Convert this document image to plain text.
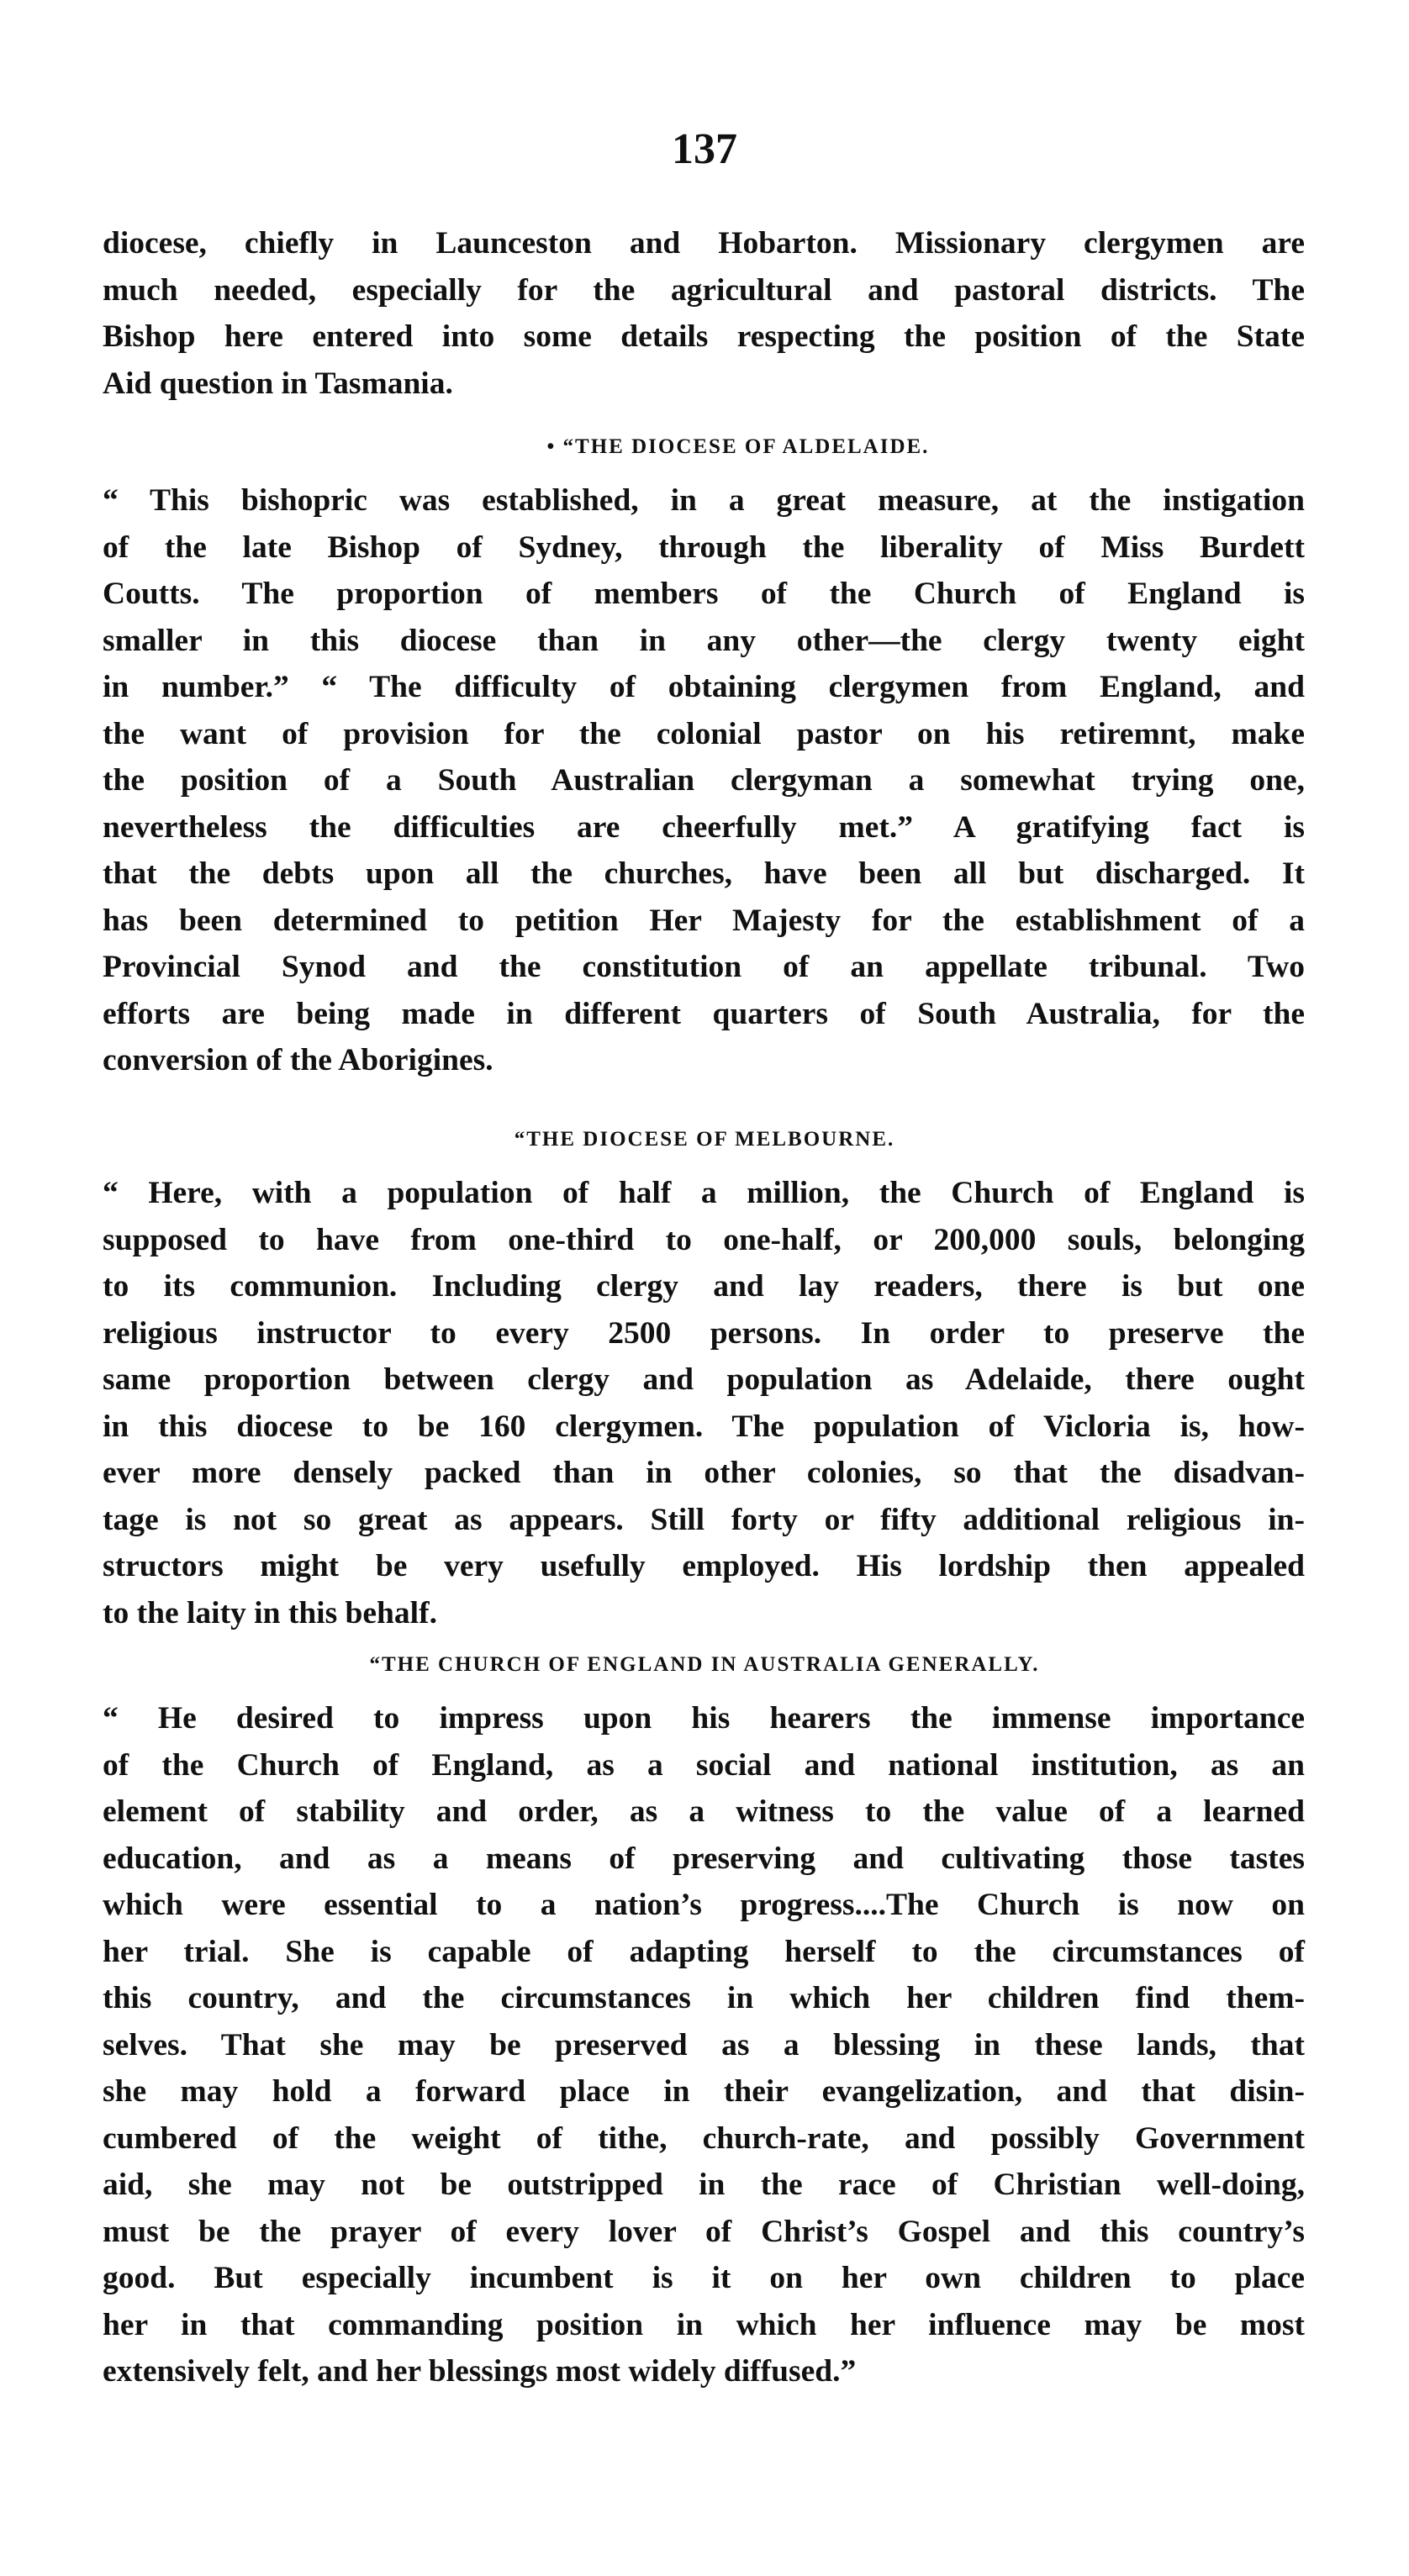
137
diocese, chiefly in Launceston and Hobarton. Missionary clergymen are
much needed, especially for the agricultural and pastoral districts. The
Bishop here entered into some details respecting the position of the State
Aid question in Tasmania.
• “THE DIOCESE OF ALDELAIDE.
“ This bishopric was established, in a great measure, at the instigation
of the late Bishop of Sydney, through the liberality of Miss Burdett
Coutts. The proportion of members of the Church of England is
smaller in this diocese than in any other—the clergy twenty eight
in number.” “ The difficulty of obtaining clergymen from England, and
the want of provision for the colonial pastor on his retiremnt, make
the position of a South Australian clergyman a somewhat trying one,
nevertheless the difficulties are cheerfully met.” A gratifying fact is
that the debts upon all the churches, have been all but discharged. It
has been determined to petition Her Majesty for the establishment of a
Provincial Synod and the constitution of an appellate tribunal. Two
efforts are being made in different quarters of South Australia, for the
conversion of the Aborigines.
“THE DIOCESE OF MELBOURNE.
“ Here, with a population of half a million, the Church of England is
supposed to have from one-third to one-half, or 200,000 souls, belonging
to its communion. Including clergy and lay readers, there is but one
religious instructor to every 2500 persons. In order to preserve the
same proportion between clergy and population as Adelaide, there ought
in this diocese to be 160 clergymen. The population of Vicloria is, how-
ever more densely packed than in other colonies, so that the disadvan-
tage is not so great as appears. Still forty or fifty additional religious in-
structors might be very usefully employed. His lordship then appealed
to the laity in this behalf.
“THE CHURCH OF ENGLAND IN AUSTRALIA GENERALLY.
“ He desired to impress upon his hearers the immense importance
of the Church of England, as a social and national institution, as an
element of stability and order, as a witness to the value of a learned
education, and as a means of preserving and cultivating those tastes
which were essential to a nation’s progress....The Church is now on
her trial. She is capable of adapting herself to the circumstances of
this country, and the circumstances in which her children find them-
selves. That she may be preserved as a blessing in these lands, that
she may hold a forward place in their evangelization, and that disin-
cumbered of the weight of tithe, church-rate, and possibly Government
aid, she may not be outstripped in the race of Christian well-doing,
must be the prayer of every lover of Christ’s Gospel and this country’s
good. But especially incumbent is it on her own children to place
her in that commanding position in which her influence may be most
extensively felt, and her blessings most widely diffused.”
